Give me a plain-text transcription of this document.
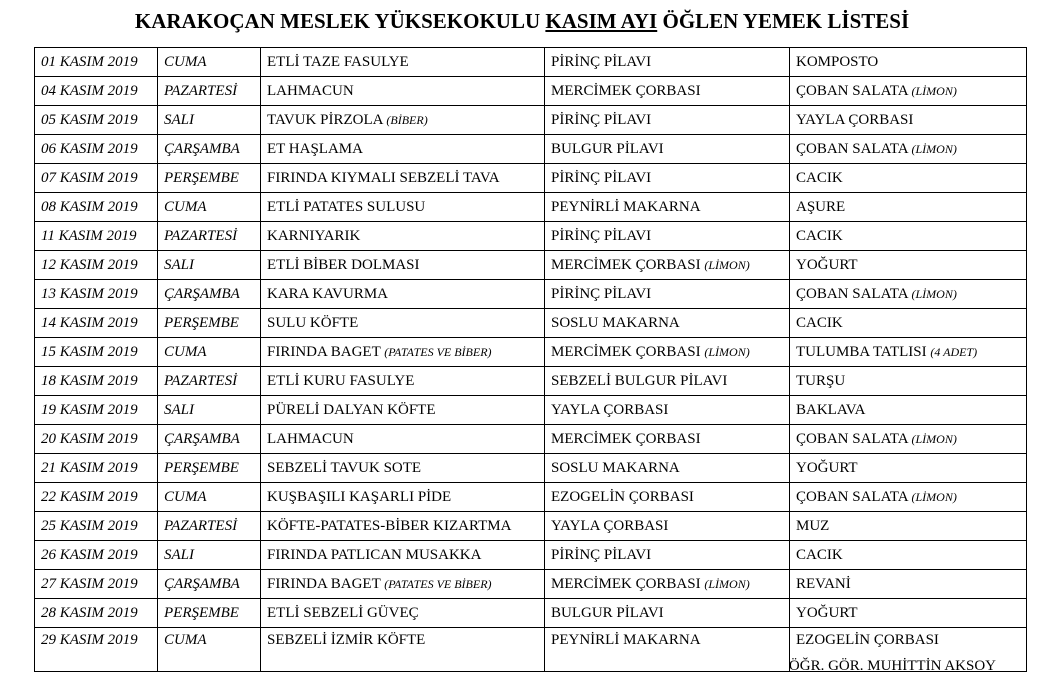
KARAKOÇAN MESLEK YÜKSEKOKULU KASIM AYI ÖĞLEN YEMEK LİSTESİ
01 KASIM 2019	CUMA	ETLİ TAZE FASULYE	PİRİNÇ PİLAVI	KOMPOSTO
04 KASIM 2019	PAZARTESİ	LAHMACUN	MERCİMEK ÇORBASI	ÇOBAN SALATA (LİMON)
05 KASIM 2019	SALI	TAVUK PİRZOLA (BİBER)	PİRİNÇ PİLAVI	YAYLA ÇORBASI
06 KASIM 2019	ÇARŞAMBA	ET HAŞLAMA	BULGUR PİLAVI	ÇOBAN SALATA (LİMON)
07 KASIM 2019	PERŞEMBE	FIRINDA KIYMALI SEBZELİ TAVA	PİRİNÇ PİLAVI	CACIK
08 KASIM 2019	CUMA	ETLİ PATATES SULUSU	PEYNİRLİ MAKARNA	AŞURE
11 KASIM 2019	PAZARTESİ	KARNIYARIK	PİRİNÇ PİLAVI	CACIK
12 KASIM 2019	SALI	ETLİ BİBER DOLMASI	MERCİMEK ÇORBASI (LİMON)	YOĞURT
13 KASIM 2019	ÇARŞAMBA	KARA KAVURMA	PİRİNÇ PİLAVI	ÇOBAN SALATA (LİMON)
14 KASIM 2019	PERŞEMBE	SULU KÖFTE	SOSLU MAKARNA	CACIK
15 KASIM 2019	CUMA	FIRINDA BAGET (PATATES VE BİBER)	MERCİMEK ÇORBASI (LİMON)	TULUMBA TATLISI (4 ADET)
18 KASIM 2019	PAZARTESİ	ETLİ KURU FASULYE	SEBZELİ BULGUR PİLAVI	TURŞU
19 KASIM 2019	SALI	PÜRELİ DALYAN KÖFTE	YAYLA ÇORBASI	BAKLAVA
20 KASIM 2019	ÇARŞAMBA	LAHMACUN	MERCİMEK ÇORBASI	ÇOBAN SALATA (LİMON)
21 KASIM 2019	PERŞEMBE	SEBZELİ TAVUK SOTE	SOSLU MAKARNA	YOĞURT
22 KASIM 2019	CUMA	KUŞBAŞILI KAŞARLI PİDE	EZOGELİN ÇORBASI	ÇOBAN SALATA (LİMON)
25 KASIM 2019	PAZARTESİ	KÖFTE-PATATES-BİBER KIZARTMA	YAYLA ÇORBASI	MUZ
26 KASIM 2019	SALI	FIRINDA PATLICAN MUSAKKA	PİRİNÇ PİLAVI	CACIK
27 KASIM 2019	ÇARŞAMBA	FIRINDA BAGET (PATATES VE BİBER)	MERCİMEK ÇORBASI (LİMON)	REVANİ
28 KASIM 2019	PERŞEMBE	ETLİ SEBZELİ GÜVEÇ	BULGUR PİLAVI	YOĞURT
29 KASIM 2019	CUMA	SEBZELİ İZMİR KÖFTE	PEYNİRLİ MAKARNA	EZOGELİN ÇORBASI
ÖĞR. GÖR. MUHİTTİN AKSOY
